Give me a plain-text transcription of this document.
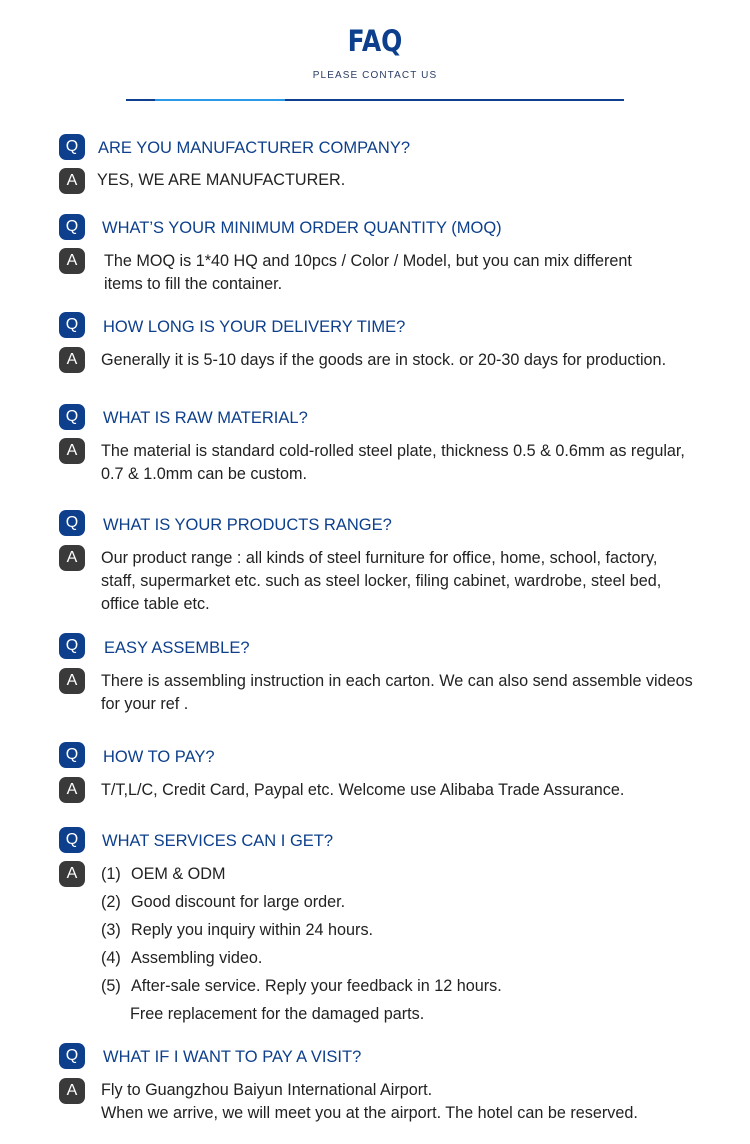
FAQ
PLEASE CONTACT US
Q	ARE YOU MANUFACTURER COMPANY?
A	YES, WE ARE MANUFACTURER.
Q	WHAT’S YOUR MINIMUM ORDER QUANTITY (MOQ)
A	The MOQ is 1*40 HQ and 10pcs / Color / Model, but you can mix different
items to fill the container.
Q	HOW LONG IS YOUR DELIVERY TIME?
A	Generally it is 5-10 days if the goods are in stock. or 20-30 days for production.
Q	WHAT IS RAW MATERIAL?
A	The material is standard cold-rolled steel plate, thickness 0.5 & 0.6mm as regular,
0.7 & 1.0mm can be custom.
Q	WHAT IS YOUR PRODUCTS RANGE?
A	Our product range : all kinds of steel furniture for office, home, school, factory,
staff, supermarket etc. such as steel locker, filing cabinet, wardrobe, steel bed,
office table etc.
Q	EASY ASSEMBLE?
A	There is assembling instruction in each carton. We can also send assemble videos
for your ref .
Q	HOW TO PAY?
A	T/T,L/C, Credit Card, Paypal etc. Welcome use Alibaba Trade Assurance.
Q	WHAT SERVICES CAN I GET?
A	(1) OEM & ODM
(2) Good discount for large order.
(3) Reply you inquiry within 24 hours.
(4) Assembling video.
(5) After-sale service. Reply your feedback in 12 hours.
Free replacement for the damaged parts.
Q	WHAT IF I WANT TO PAY A VISIT?
A	Fly to Guangzhou Baiyun International Airport.
When we arrive, we will meet you at the airport. The hotel can be reserved.
